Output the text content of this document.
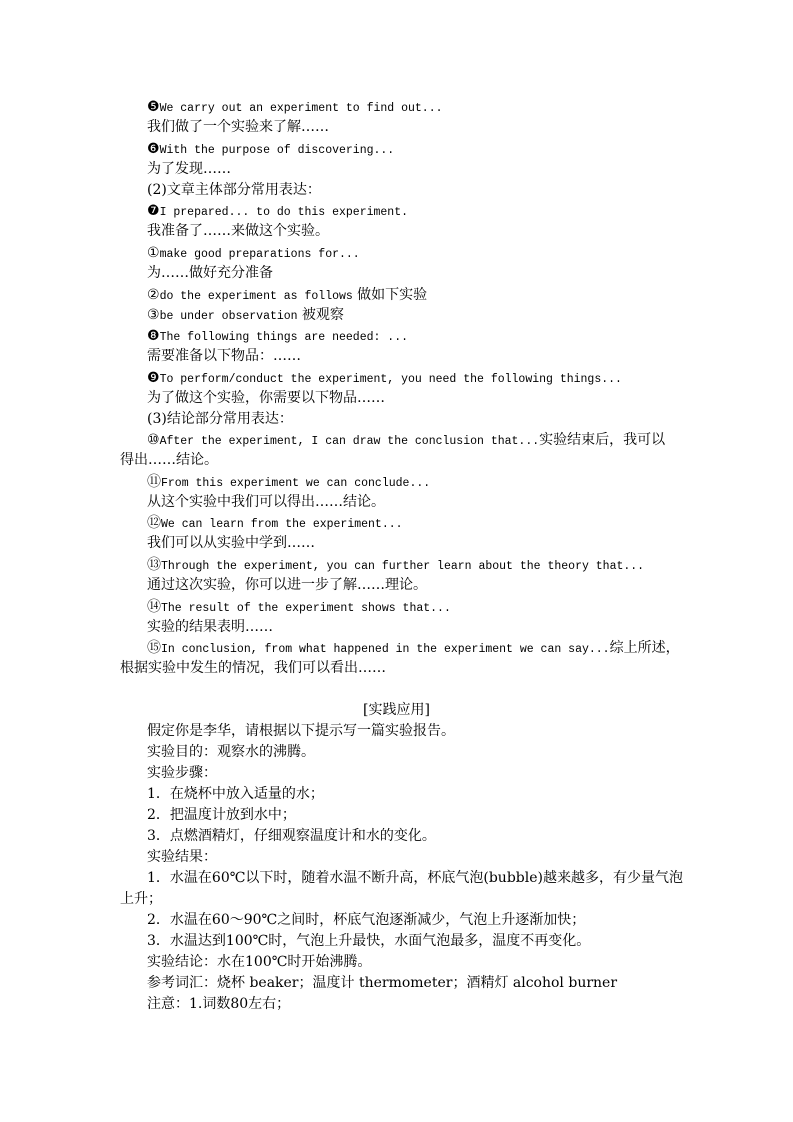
❺We carry out an experiment to find out...
我们做了一个实验来了解……
❻With the purpose of discovering...
为了发现……
(2)文章主体部分常用表达：
❼I prepared... to do this experiment.
我准备了……来做这个实验。
①make good preparations for...
为……做好充分准备
②do the experiment as follows 做如下实验
③be under observation 被观察
❽The following things are needed: ...
需要准备以下物品：……
❾To perform/conduct the experiment, you need the following things...
为了做这个实验，你需要以下物品……
(3)结论部分常用表达：
⑩After the experiment, I can draw the conclusion that...实验结束后，我可以
得出……结论。
⑪From this experiment we can conclude...
从这个实验中我们可以得出……结论。
⑫We can learn from the experiment...
我们可以从实验中学到……
⑬Through the experiment, you can further learn about the theory that...
通过这次实验，你可以进一步了解……理论。
⑭The result of the experiment shows that...
实验的结果表明……
⑮In conclusion, from what happened in the experiment we can say...综上所述，
根据实验中发生的情况，我们可以看出……
[实践应用]
假定你是李华，请根据以下提示写一篇实验报告。
实验目的：观察水的沸腾。
实验步骤：
1．在烧杯中放入适量的水；
2．把温度计放到水中；
3．点燃酒精灯，仔细观察温度计和水的变化。
实验结果：
1．水温在60℃以下时，随着水温不断升高，杯底气泡(bubble)越来越多，有少量气泡
上升；
2．水温在60～90℃之间时，杯底气泡逐渐减少，气泡上升逐渐加快；
3．水温达到100℃时，气泡上升最快，水面气泡最多，温度不再变化。
实验结论：水在100℃时开始沸腾。
参考词汇：烧杯 beaker；温度计 thermometer；酒精灯 alcohol burner
注意：1.词数80左右；
